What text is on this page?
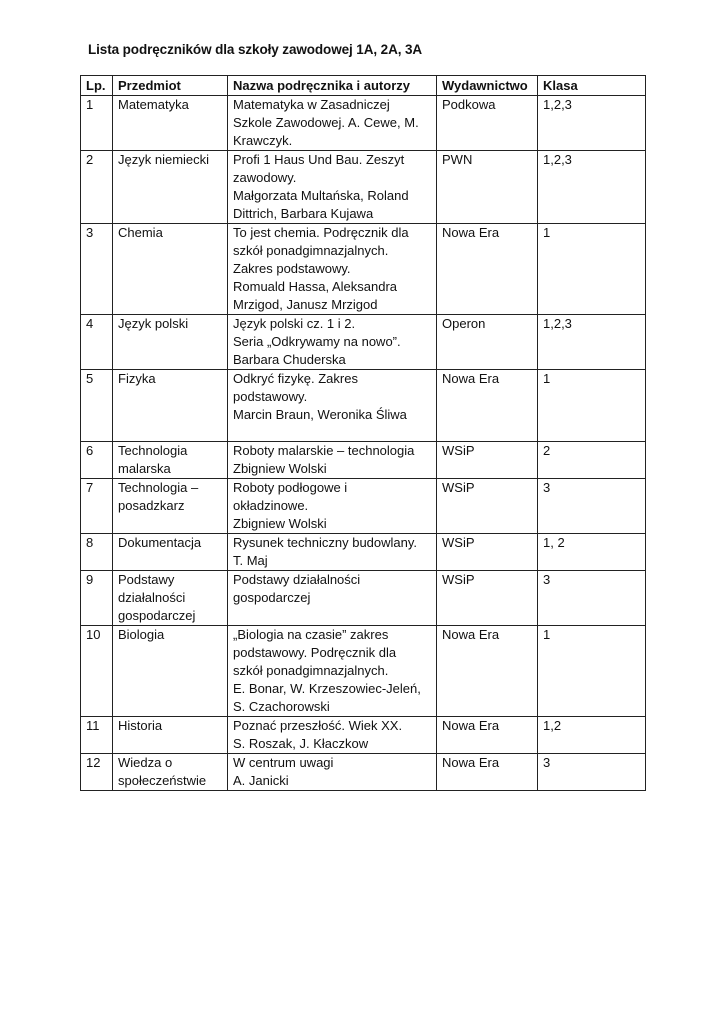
Lista podręczników dla szkoły zawodowej 1A, 2A, 3A
Lp.	Przedmiot	Nazwa podręcznika i autorzy	Wydawnictwo	Klasa
1	Matematyka	Matematyka w Zasadniczej
Szkole Zawodowej. A. Cewe, M.
Krawczyk.	Podkowa	1,2,3
2	Język niemiecki	Profi 1 Haus Und Bau. Zeszyt
zawodowy.
Małgorzata Multańska, Roland
Dittrich, Barbara Kujawa	PWN	1,2,3
3	Chemia	To jest chemia. Podręcznik dla
szkół ponadgimnazjalnych.
Zakres podstawowy.
Romuald Hassa, Aleksandra
Mrzigod, Janusz Mrzigod	Nowa Era	1
4	Język polski	Język polski cz. 1 i 2.
Seria „Odkrywamy na nowo”.
Barbara Chuderska	Operon	1,2,3
5	Fizyka	Odkryć fizykę. Zakres
podstawowy.
Marcin Braun, Weronika Śliwa	Nowa Era	1
6	Technologia
malarska	Roboty malarskie – technologia
Zbigniew Wolski	WSiP	2
7	Technologia –
posadzkarz	Roboty podłogowe i
okładzinowe.
Zbigniew Wolski	WSiP	3
8	Dokumentacja	Rysunek techniczny budowlany.
T. Maj	WSiP	1, 2
9	Podstawy
działalności
gospodarczej	Podstawy działalności
gospodarczej	WSiP	3
10	Biologia	„Biologia na czasie” zakres
podstawowy. Podręcznik dla
szkół ponadgimnazjalnych.
E. Bonar, W. Krzeszowiec-Jeleń,
S. Czachorowski	Nowa Era	1
11	Historia	Poznać przeszłość. Wiek XX.
S. Roszak, J. Kłaczkow	Nowa Era	1,2
12	Wiedza o
społeczeństwie	W centrum uwagi
A. Janicki	Nowa Era	3
